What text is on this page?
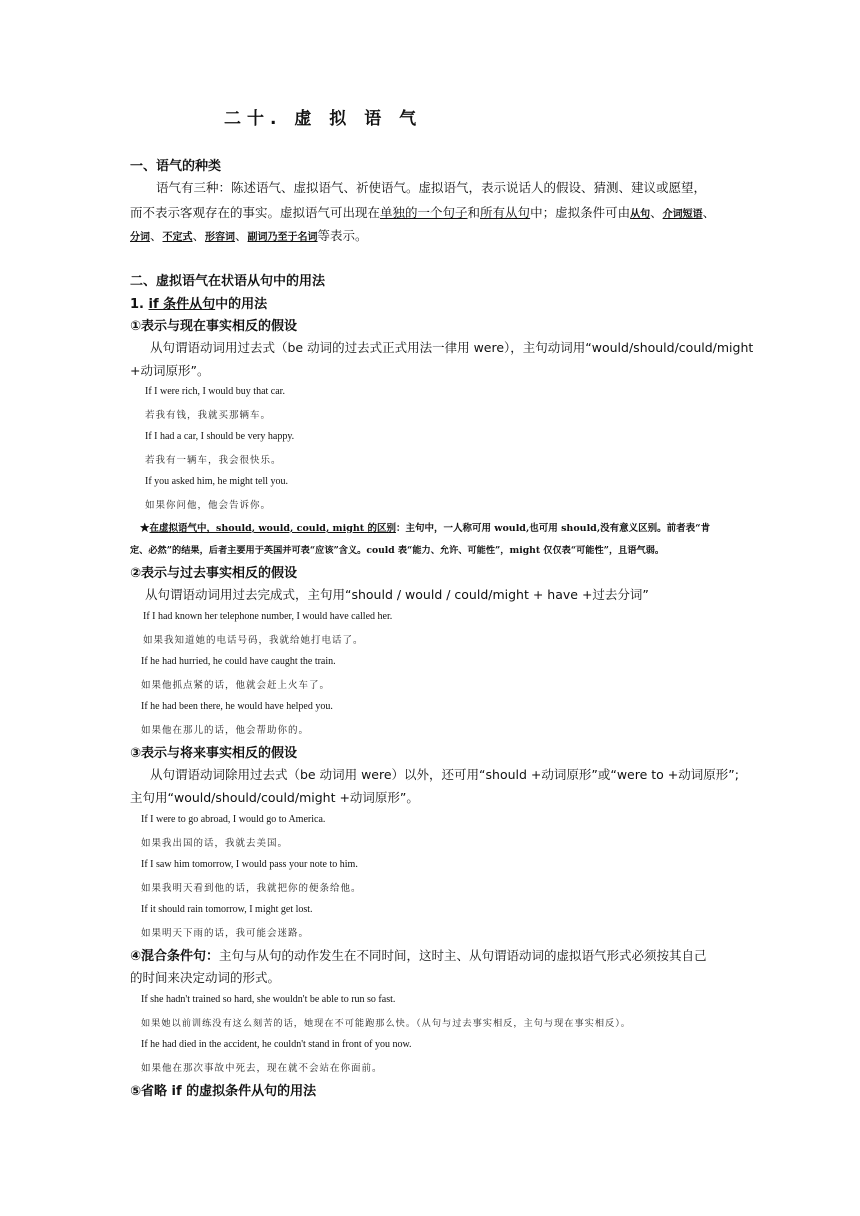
二十. 虚 拟 语 气
一、语气的种类
语气有三种：陈述语气、虚拟语气、祈使语气。虚拟语气，表示说话人的假设、猜测、建议或愿望，
而不表示客观存在的事实。虚拟语气可出现在单独的一个句子和所有从句中；虚拟条件可由从句、介词短语、
分词、不定式、形容词、副词乃至于名词等表示。
二、虚拟语气在状语从句中的用法
1. if 条件从句中的用法
①表示与现在事实相反的假设
从句谓语动词用过去式（be 动词的过去式正式用法一律用 were），主句动词用“would/should/could/might
+动词原形”。
If I were rich, I would buy that car.
若我有钱，我就买那辆车。
If I had a car, I should be very happy.
若我有一辆车，我会很快乐。
If you asked him, he might tell you.
如果你问他，他会告诉你。
★在虚拟语气中，should, would, could, might 的区别：主句中，一人称可用 would,也可用 should,没有意义区别。前者表“肯
定、必然”的结果，后者主要用于英国并可表“应该”含义。could 表“能力、允许、可能性”，might 仅仅表“可能性”，且语气弱。
②表示与过去事实相反的假设
从句谓语动词用过去完成式，主句用“should / would / could/might + have +过去分词”
If I had known her telephone number, I would have called her.
如果我知道她的电话号码，我就给她打电话了。
If he had hurried, he could have caught the train.
如果他抓点紧的话，他就会赶上火车了。
If he had been there, he would have helped you.
如果他在那儿的话，他会帮助你的。
③表示与将来事实相反的假设
从句谓语动词除用过去式（be 动词用 were）以外，还可用“should +动词原形”或“were to +动词原形”;
主句用“would/should/could/might +动词原形”。
If I were to go abroad, I would go to America.
如果我出国的话，我就去美国。
If I saw him tomorrow, I would pass your note to him.
如果我明天看到他的话，我就把你的便条给他。
If it should rain tomorrow, I might get lost.
如果明天下雨的话，我可能会迷路。
④混合条件句：主句与从句的动作发生在不同时间，这时主、从句谓语动词的虚拟语气形式必须按其自己
的时间来决定动词的形式。
If she hadn't trained so hard, she wouldn't be able to run so fast.
如果她以前训练没有这么刻苦的话，她现在不可能跑那么快。（从句与过去事实相反，主句与现在事实相反）。
If he had died in the accident, he couldn't stand in front of you now.
如果他在那次事故中死去，现在就不会站在你面前。
⑤省略 if 的虚拟条件从句的用法
